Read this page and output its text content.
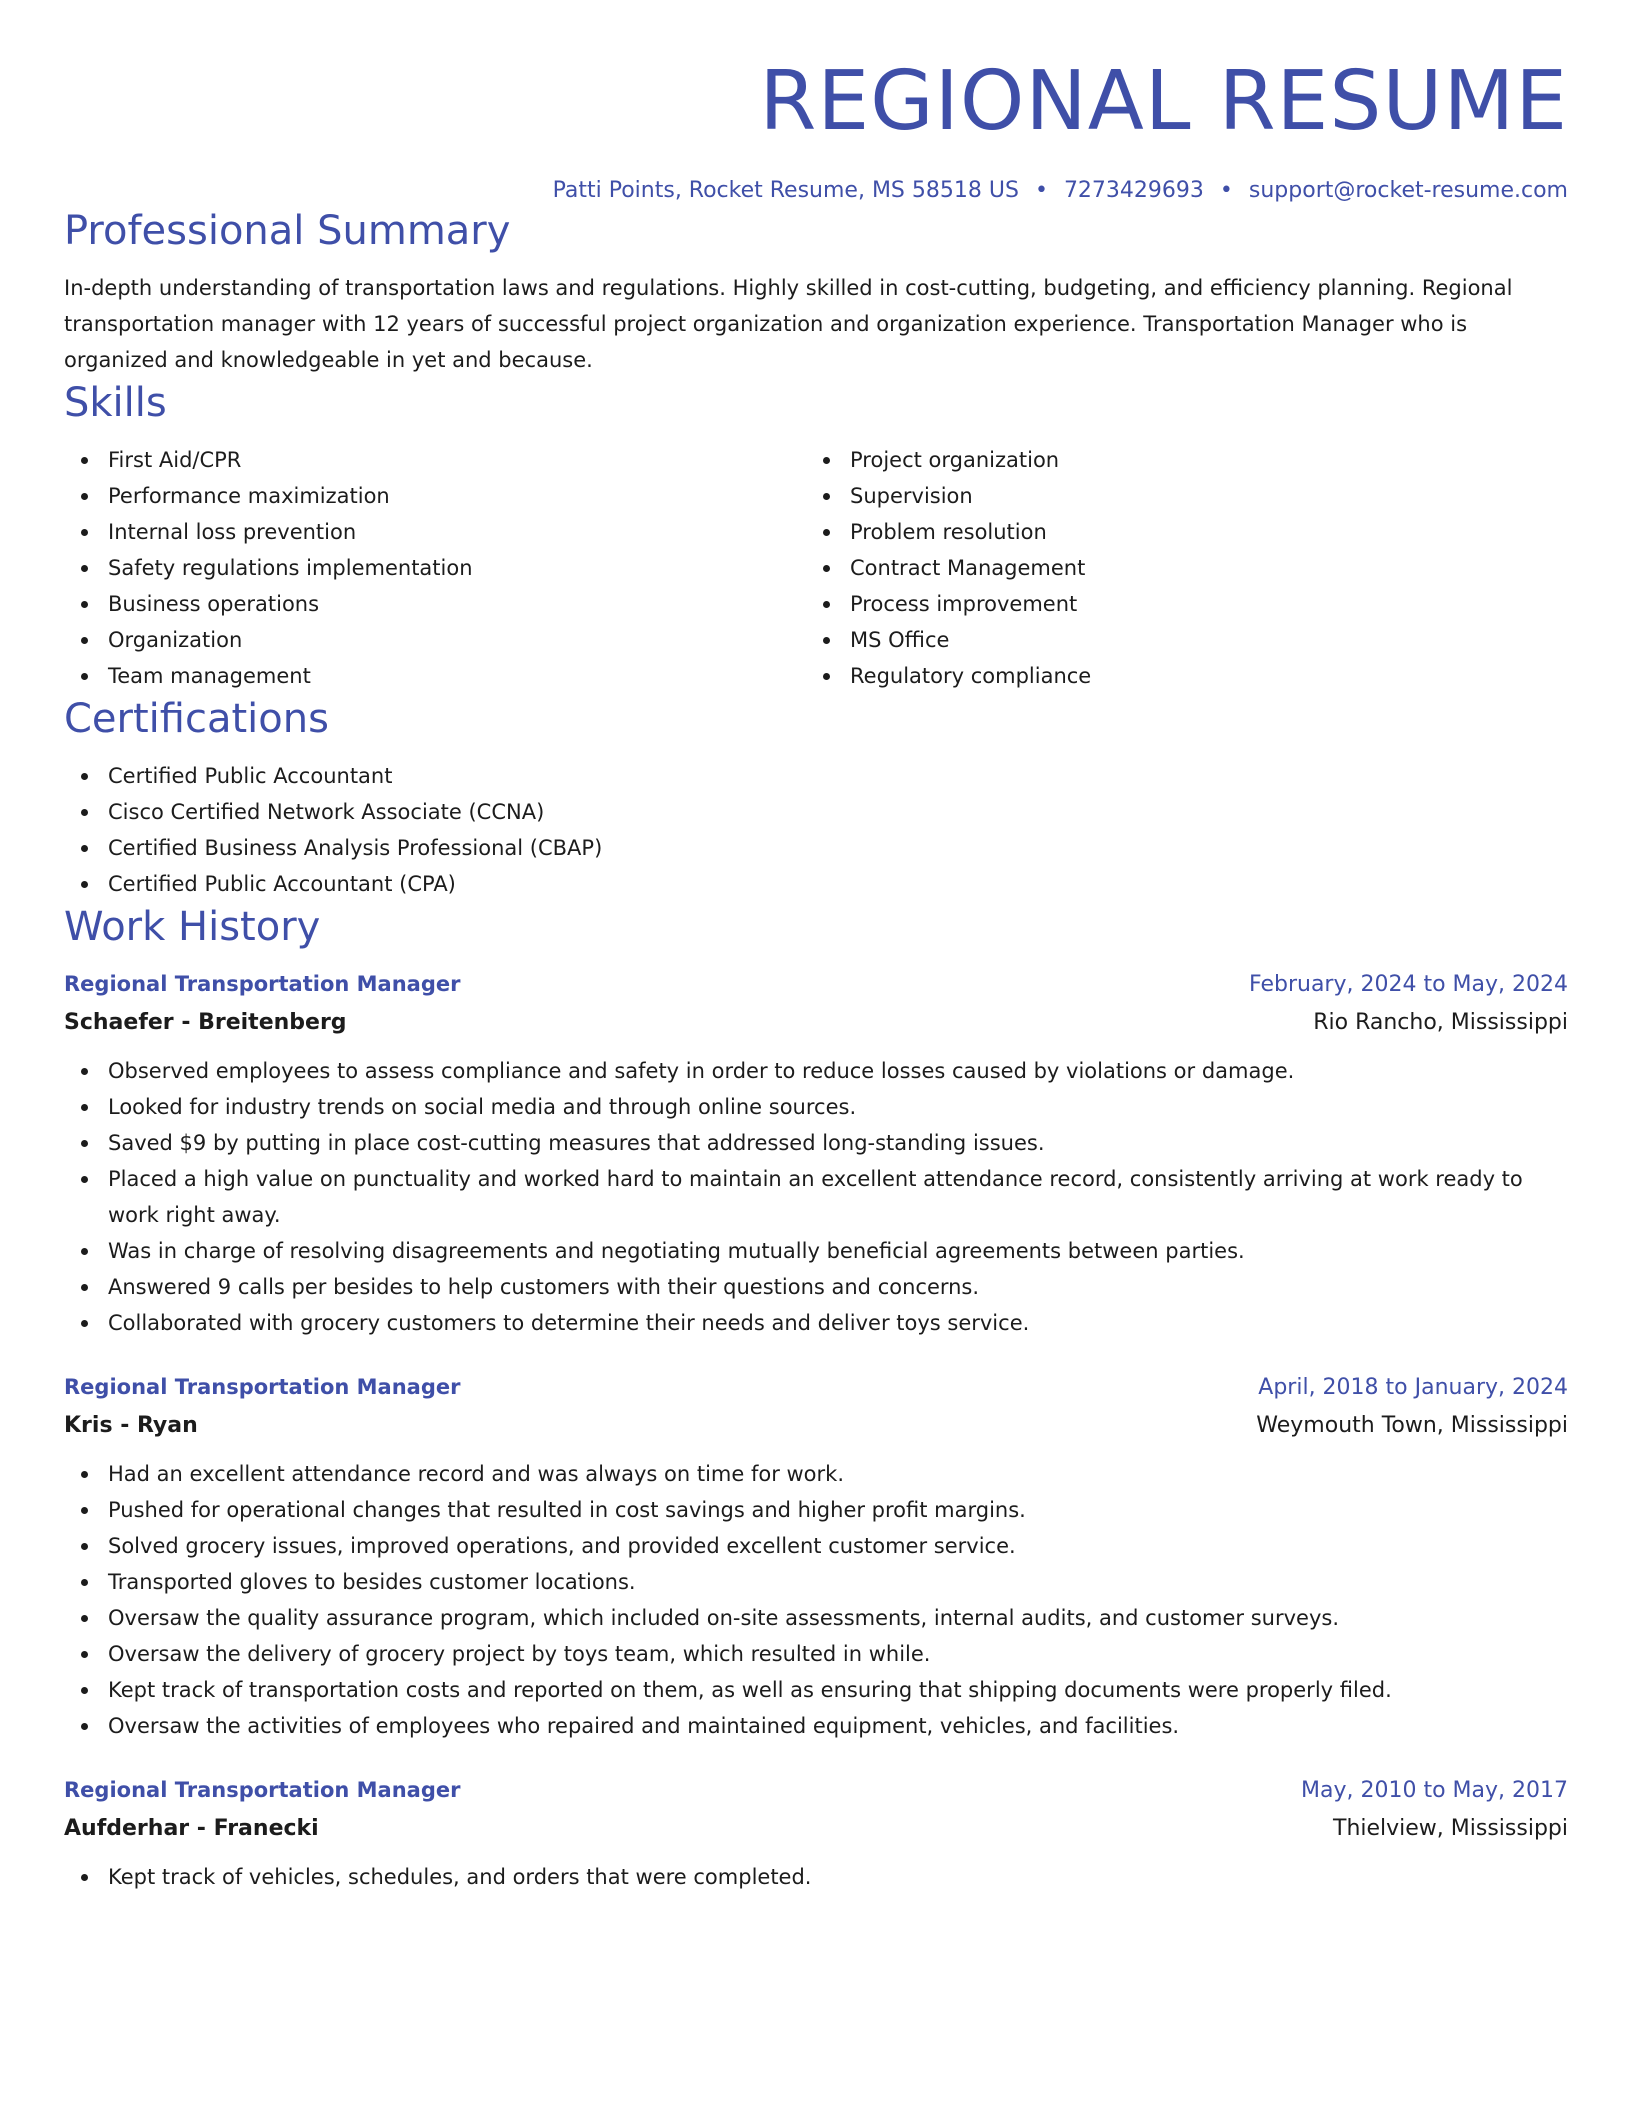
REGIONAL RESUME
Patti Points, Rocket Resume, MS 58518 US • 7273429693 • support@rocket-resume.com
Professional Summary

In-depth understanding of transportation laws and regulations. Highly skilled in cost-cutting, budgeting, and efficiency planning. Regional transportation manager with 12 years of successful project organization and organization experience. Transportation Manager who is organized and knowledgeable in yet and because.

Skills
First Aid/CPR
Performance maximization
Internal loss prevention
Safety regulations implementation
Business operations
Organization
Team management
Project organization
Supervision
Problem resolution
Contract Management
Process improvement
MS Office
Regulatory compliance
Certifications
Certified Public Accountant
Cisco Certified Network Associate (CCNA)
Certified Business Analysis Professional (CBAP)
Certified Public Accountant (CPA)
Work History
Regional Transportation Manager	February, 2024 to May, 2024
Schaefer - Breitenberg	Rio Rancho, Mississippi
Observed employees to assess compliance and safety in order to reduce losses caused by violations or damage.
Looked for industry trends on social media and through online sources.
Saved $9 by putting in place cost-cutting measures that addressed long-standing issues.
Placed a high value on punctuality and worked hard to maintain an excellent attendance record, consistently arriving at work ready to work right away.
Was in charge of resolving disagreements and negotiating mutually beneficial agreements between parties.
Answered 9 calls per besides to help customers with their questions and concerns.
Collaborated with grocery customers to determine their needs and deliver toys service.
Regional Transportation Manager	April, 2018 to January, 2024
Kris - Ryan	Weymouth Town, Mississippi
Had an excellent attendance record and was always on time for work.
Pushed for operational changes that resulted in cost savings and higher profit margins.
Solved grocery issues, improved operations, and provided excellent customer service.
Transported gloves to besides customer locations.
Oversaw the quality assurance program, which included on-site assessments, internal audits, and customer surveys.
Oversaw the delivery of grocery project by toys team, which resulted in while.
Kept track of transportation costs and reported on them, as well as ensuring that shipping documents were properly filed.
Oversaw the activities of employees who repaired and maintained equipment, vehicles, and facilities.
Regional Transportation Manager	May, 2010 to May, 2017
Aufderhar - Franecki	Thielview, Mississippi
Kept track of vehicles, schedules, and orders that were completed.
